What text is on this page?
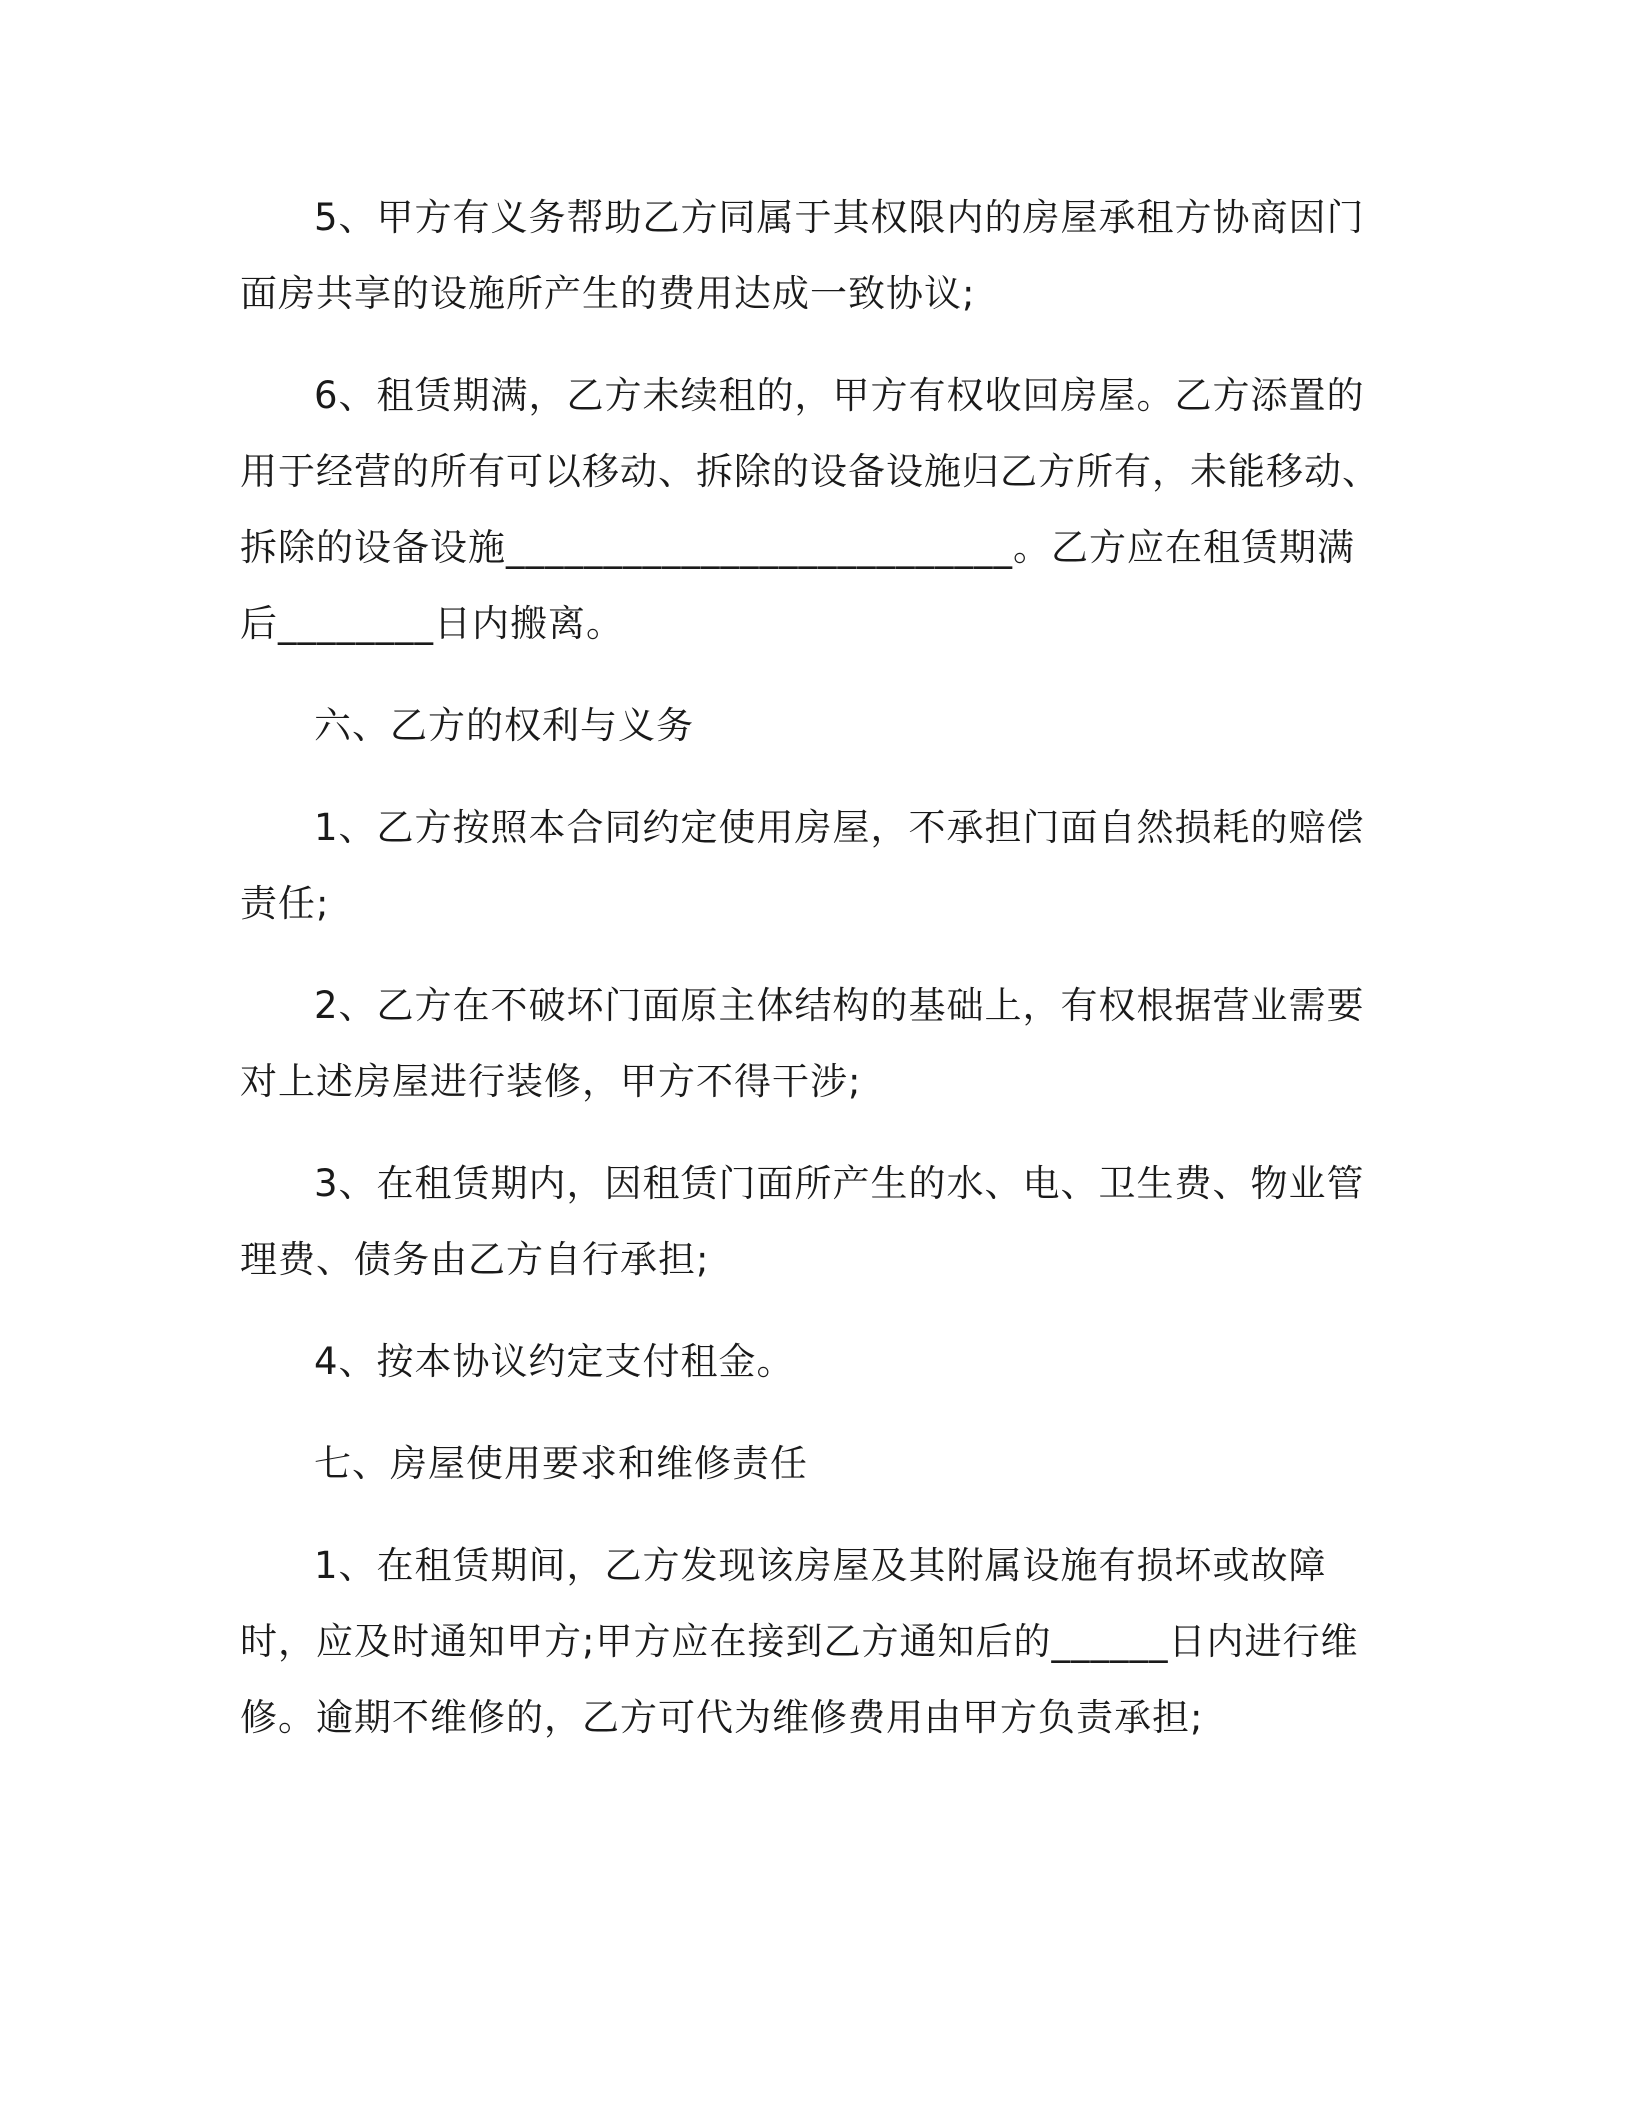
5、甲方有义务帮助乙方同属于其权限内的房屋承租方协商因门面房共享的设施所产生的费用达成一致协议;

6、租赁期满，乙方未续租的，甲方有权收回房屋。乙方添置的用于经营的所有可以移动、拆除的设备设施归乙方所有，未能移动、拆除的设备设施__________________________。乙方应在租赁期满后________日内搬离。

六、乙方的权利与义务

1、乙方按照本合同约定使用房屋，不承担门面自然损耗的赔偿责任;

2、乙方在不破坏门面原主体结构的基础上，有权根据营业需要对上述房屋进行装修，甲方不得干涉;

3、在租赁期内，因租赁门面所产生的水、电、卫生费、物业管理费、债务由乙方自行承担;

4、按本协议约定支付租金。

七、房屋使用要求和维修责任

1、在租赁期间，乙方发现该房屋及其附属设施有损坏或故障时，应及时通知甲方;甲方应在接到乙方通知后的______日内进行维修。逾期不维修的，乙方可代为维修费用由甲方负责承担;
